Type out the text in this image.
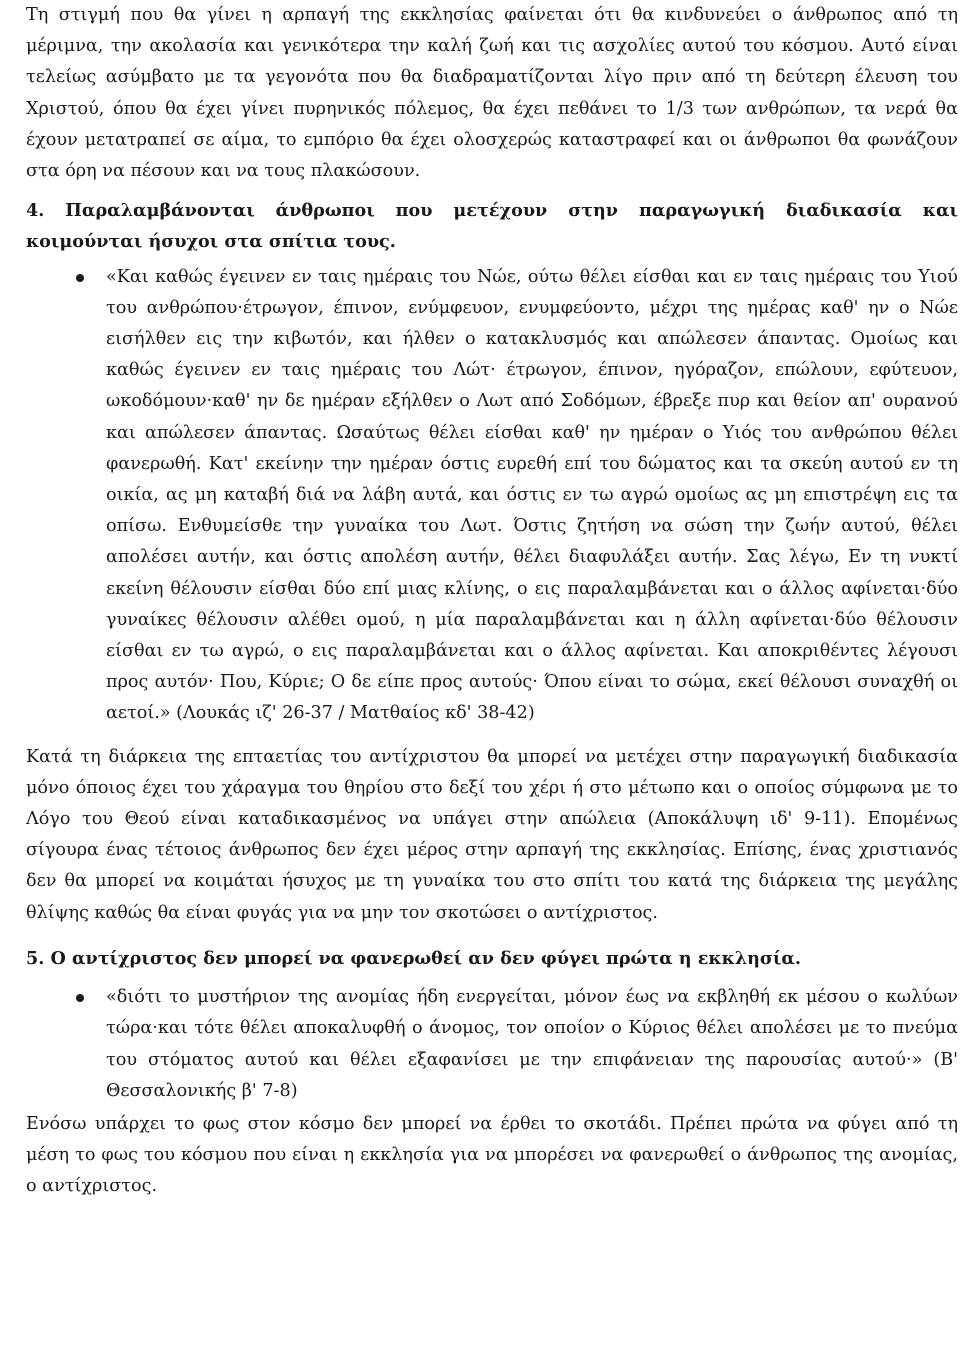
Τη στιγμή που θα γίνει η αρπαγή της εκκλησίας φαίνεται ότι θα κινδυνεύει ο άνθρωπος από τη μέριμνα, την ακολασία και γενικότερα την καλή ζωή και τις ασχολίες αυτού του κόσμου. Αυτό είναι τελείως ασύμβατο με τα γεγονότα που θα διαδραματίζονται λίγο πριν από τη δεύτερη έλευση του Χριστού, όπου θα έχει γίνει πυρηνικός πόλεμος, θα έχει πεθάνει το 1/3 των ανθρώπων, τα νερά θα έχουν μετατραπεί σε αίμα, το εμπόριο θα έχει ολοσχερώς καταστραφεί και οι άνθρωποι θα φωνάζουν στα όρη να πέσουν και να τους πλακώσουν.

4. Παραλαμβάνονται άνθρωποι που μετέχουν στην παραγωγική διαδικασία και κοιμούνται ήσυχοι στα σπίτια τους.

«Και καθώς έγεινεν εν ταις ημέραις του Νώε, ούτω θέλει είσθαι και εν ταις ημέραις του Υιού του ανθρώπου·έτρωγον, έπινον, ενύμφευον, ενυμφεύοντο, μέχρι της ημέρας καθ' ην ο Νώε εισήλθεν εις την κιβωτόν, και ήλθεν ο κατακλυσμός και απώλεσεν άπαντας. Ομοίως και καθώς έγεινεν εν ταις ημέραις του Λώτ· έτρωγον, έπινον, ηγόραζον, επώλουν, εφύτευον, ωκοδόμουν·καθ' ην δε ημέραν εξήλθεν ο Λωτ από Σοδόμων, έβρεξε πυρ και θείον απ' ουρανού και απώλεσεν άπαντας. Ωσαύτως θέλει είσθαι καθ' ην ημέραν ο Υιός του ανθρώπου θέλει φανερωθή. Κατ' εκείνην την ημέραν όστις ευρεθή επί του δώματος και τα σκεύη αυτού εν τη οικία, ας μη καταβή διά να λάβη αυτά, και όστις εν τω αγρώ ομοίως ας μη επιστρέψη εις τα οπίσω. Ενθυμείσθε την γυναίκα του Λωτ. Όστις ζητήση να σώση την ζωήν αυτού, θέλει απολέσει αυτήν, και όστις απολέση αυτήν, θέλει διαφυλάξει αυτήν. Σας λέγω, Εν τη νυκτί εκείνη θέλουσιν είσθαι δύο επί μιας κλίνης, ο εις παραλαμβάνεται και ο άλλος αφίνεται·δύο γυναίκες θέλουσιν αλέθει ομού, η μία παραλαμβάνεται και η άλλη αφίνεται·δύο θέλουσιν είσθαι εν τω αγρώ, ο εις παραλαμβάνεται και ο άλλος αφίνεται. Και αποκριθέντες λέγουσι προς αυτόν· Που, Κύριε; Ο δε είπε προς αυτούς· Όπου είναι το σώμα, εκεί θέλουσι συναχθή οι αετοί.» (Λουκάς ιζ' 26-37 / Ματθαίος κδ' 38-42)

Κατά τη διάρκεια της επταετίας του αντίχριστου θα μπορεί να μετέχει στην παραγωγική διαδικασία μόνο όποιος έχει του χάραγμα του θηρίου στο δεξί του χέρι ή στο μέτωπο και ο οποίος σύμφωνα με το Λόγο του Θεού είναι καταδικασμένος να υπάγει στην απώλεια (Αποκάλυψη ιδ' 9-11). Επομένως σίγουρα ένας τέτοιος άνθρωπος δεν έχει μέρος στην αρπαγή της εκκλησίας. Επίσης, ένας χριστιανός δεν θα μπορεί να κοιμάται ήσυχος με τη γυναίκα του στο σπίτι του κατά της διάρκεια της μεγάλης θλίψης καθώς θα είναι φυγάς για να μην τον σκοτώσει ο αντίχριστος.

5. Ο αντίχριστος δεν μπορεί να φανερωθεί αν δεν φύγει πρώτα η εκκλησία.

«διότι το μυστήριον της ανομίας ήδη ενεργείται, μόνον έως να εκβληθή εκ μέσου ο κωλύων τώρα·και τότε θέλει αποκαλυφθή ο άνομος, τον οποίον ο Κύριος θέλει απολέσει με το πνεύμα του στόματος αυτού και θέλει εξαφανίσει με την επιφάνειαν της παρουσίας αυτού·» (Β' Θεσσαλονικής β' 7-8)

Ενόσω υπάρχει το φως στον κόσμο δεν μπορεί να έρθει το σκοτάδι. Πρέπει πρώτα να φύγει από τη μέση το φως του κόσμου που είναι η εκκλησία για να μπορέσει να φανερωθεί ο άνθρωπος της ανομίας, ο αντίχριστος.
